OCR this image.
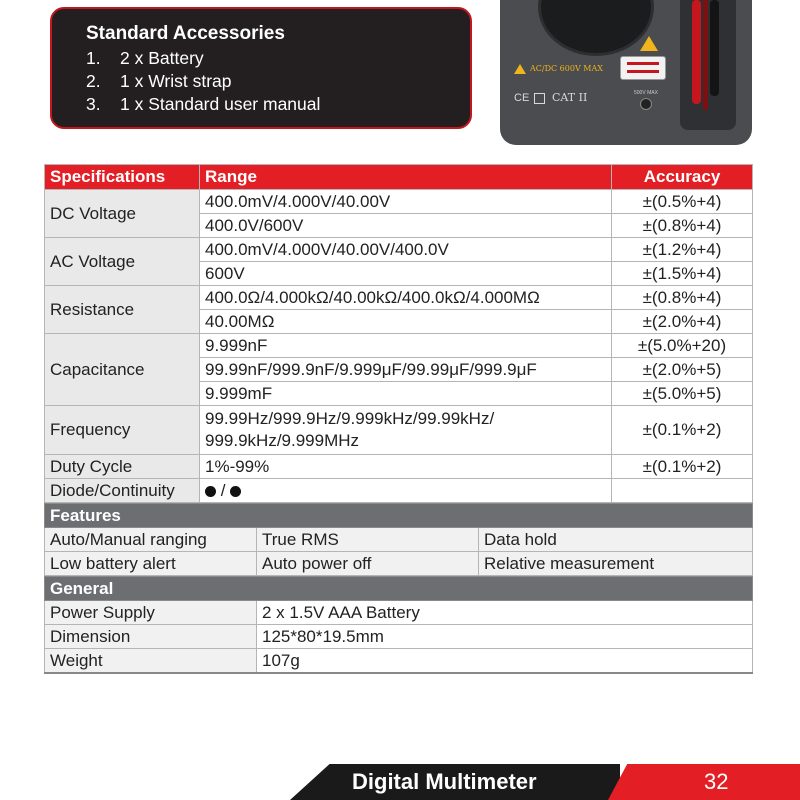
Standard Accessories
1. 2 x Battery
2. 1 x Wrist strap
3. 1 x Standard user manual
AC/DC 600V MAX
CE CAT II	500V MAX
Specifications	Range	Accuracy
DC Voltage	400.0mV/4.000V/40.00V	±(0.5%+4)
	400.0V/600V	±(0.8%+4)
AC Voltage	400.0mV/4.000V/40.00V/400.0V	±(1.2%+4)
	600V	±(1.5%+4)
Resistance	400.0Ω/4.000kΩ/40.00kΩ/400.0kΩ/4.000MΩ	±(0.8%+4)
	40.00MΩ	±(2.0%+4)
Capacitance	9.999nF	±(5.0%+20)
	99.99nF/999.9nF/9.999μF/99.99μF/999.9μF	±(2.0%+5)
	9.999mF	±(5.0%+5)
Frequency	99.99Hz/999.9Hz/9.999kHz/99.99kHz/
999.9kHz/9.999MHz	±(0.1%+2)
Duty Cycle	1%-99%	±(0.1%+2)
Diode/Continuity	/	
Features		
Auto/Manual ranging	True RMS	Data hold
Low battery alert	Auto power off	Relative measurement
General	
Power Supply	2 x 1.5V AAA Battery
Dimension	125*80*19.5mm
Weight	107g
Digital Multimeter	32
